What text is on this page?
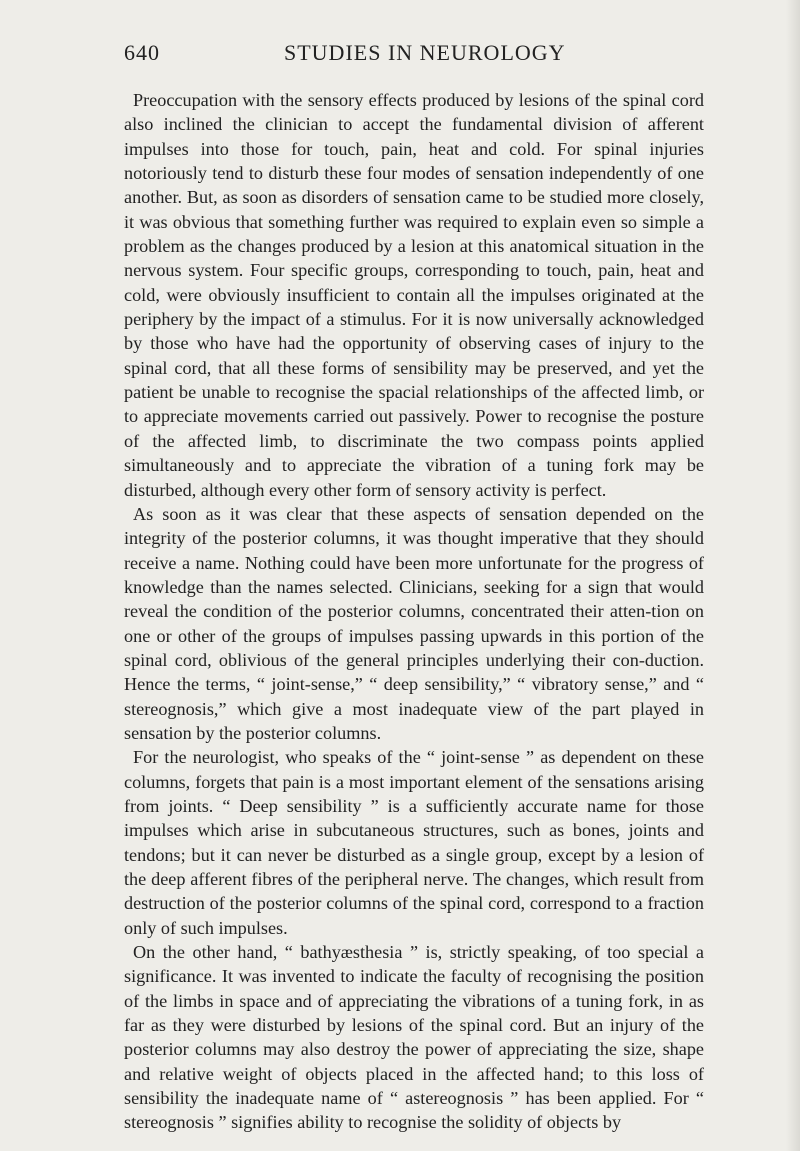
640	STUDIES IN NEUROLOGY

Preoccupation with the sensory effects produced by lesions of the spinal cord also inclined the clinician to accept the fundamental division of afferent impulses into those for touch, pain, heat and cold. For spinal injuries notoriously tend to disturb these four modes of sensation independently of one another. But, as soon as disorders of sensation came to be studied more closely, it was obvious that something further was required to explain even so simple a problem as the changes produced by a lesion at this anatomical situation in the nervous system. Four specific groups, corresponding to touch, pain, heat and cold, were obviously insufficient to contain all the impulses originated at the periphery by the impact of a stimulus. For it is now universally acknowledged by those who have had the opportunity of observing cases of injury to the spinal cord, that all these forms of sensibility may be preserved, and yet the patient be unable to recognise the spacial relationships of the affected limb, or to appreciate movements carried out passively. Power to recognise the posture of the affected limb, to discriminate the two compass points applied simultaneously and to appreciate the vibration of a tuning fork may be disturbed, although every other form of sensory activity is perfect.

As soon as it was clear that these aspects of sensation depended on the integrity of the posterior columns, it was thought imperative that they should receive a name. Nothing could have been more unfortunate for the progress of knowledge than the names selected. Clinicians, seeking for a sign that would reveal the condition of the posterior columns, concentrated their atten-tion on one or other of the groups of impulses passing upwards in this portion of the spinal cord, oblivious of the general principles underlying their con-duction. Hence the terms, “ joint-sense,” “ deep sensibility,” “ vibratory sense,” and “ stereognosis,” which give a most inadequate view of the part played in sensation by the posterior columns.

For the neurologist, who speaks of the “ joint-sense ” as dependent on these columns, forgets that pain is a most important element of the sensations arising from joints. “ Deep sensibility ” is a sufficiently accurate name for those impulses which arise in subcutaneous structures, such as bones, joints and tendons; but it can never be disturbed as a single group, except by a lesion of the deep afferent fibres of the peripheral nerve. The changes, which result from destruction of the posterior columns of the spinal cord, correspond to a fraction only of such impulses.

On the other hand, “ bathyæsthesia ” is, strictly speaking, of too special a significance. It was invented to indicate the faculty of recognising the position of the limbs in space and of appreciating the vibrations of a tuning fork, in as far as they were disturbed by lesions of the spinal cord. But an injury of the posterior columns may also destroy the power of appreciating the size, shape and relative weight of objects placed in the affected hand; to this loss of sensibility the inadequate name of “ astereognosis ” has been applied. For “ stereognosis ” signifies ability to recognise the solidity of objects by
